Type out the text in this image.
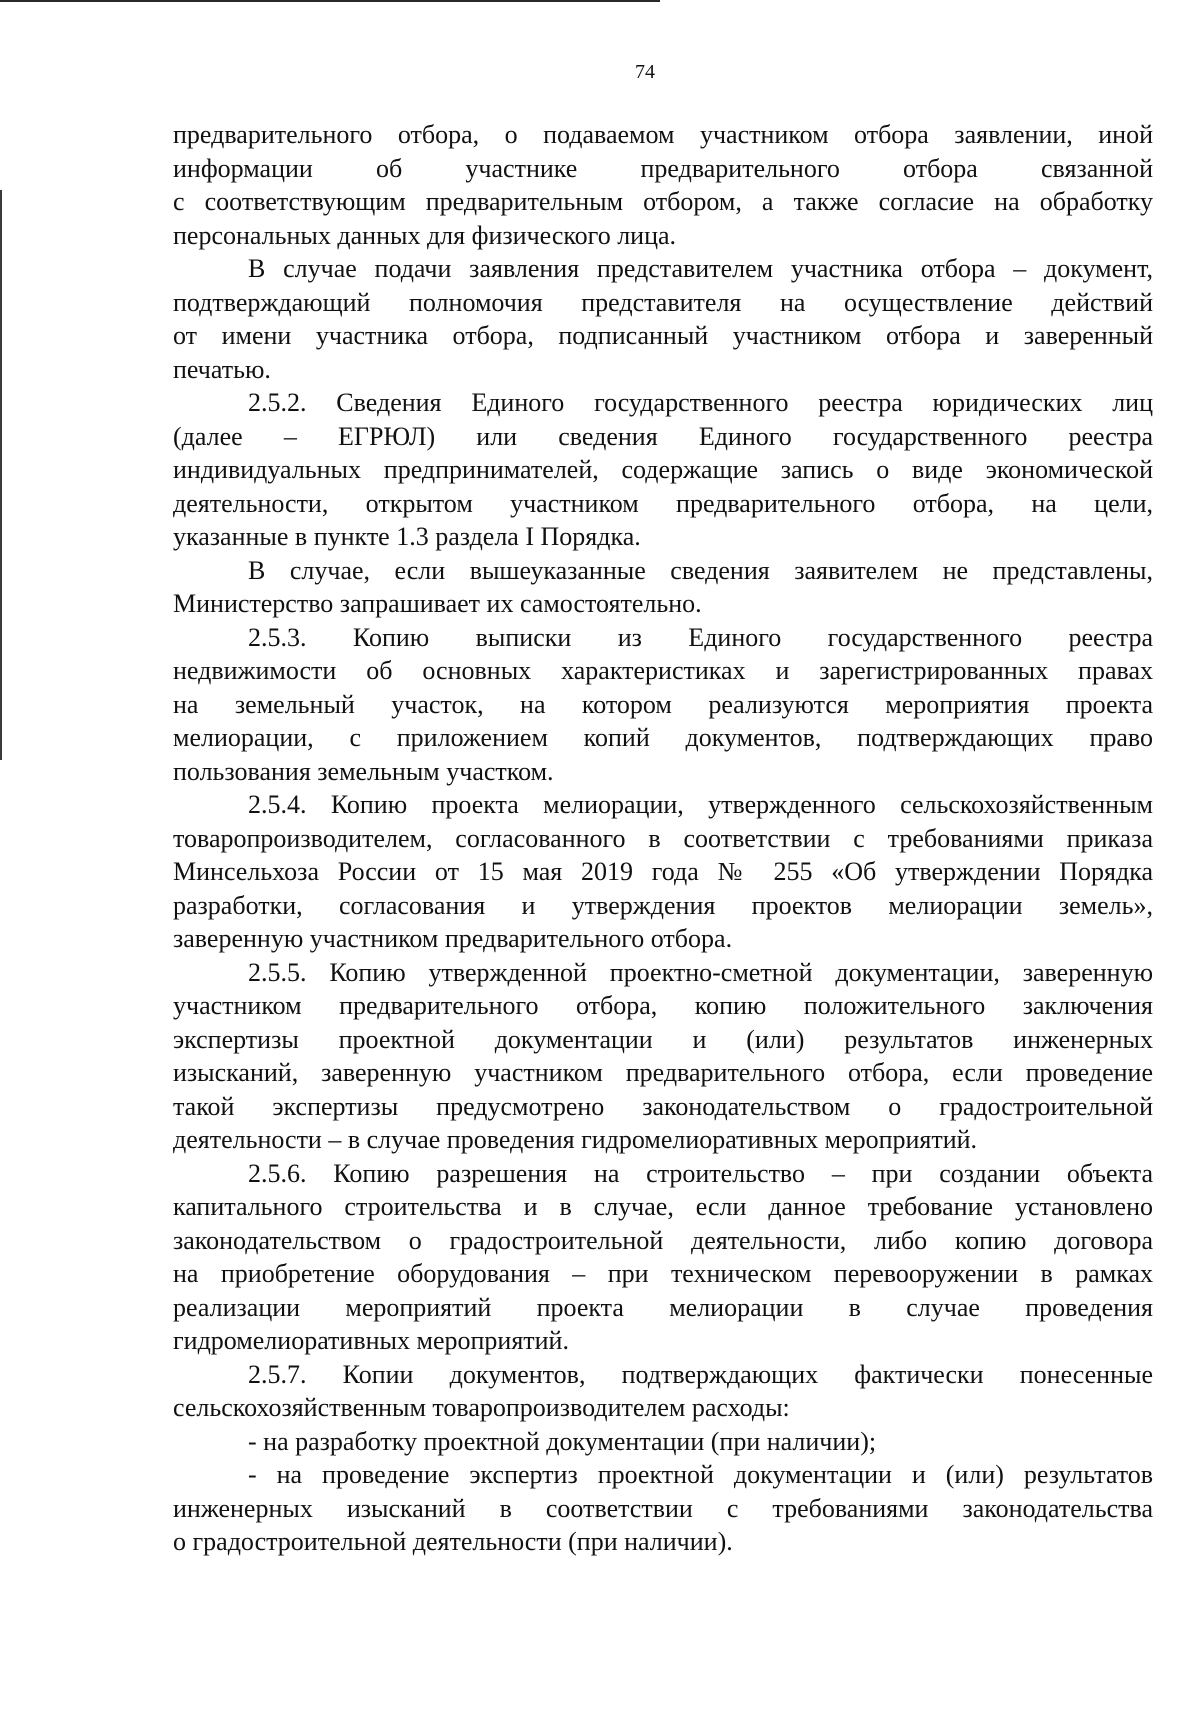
74

предварительного отбора, о подаваемом участником отбора заявлении, иной
информации об участнике предварительного отбора связанной
с соответствующим предварительным отбором, а также согласие на обработку
персональных данных для физического лица.

В случае подачи заявления представителем участника отбора – документ,
подтверждающий полномочия представителя на осуществление действий
от имени участника отбора, подписанный участником отбора и заверенный
печатью.

2.5.2. Сведения Единого государственного реестра юридических лиц
(далее – ЕГРЮЛ) или сведения Единого государственного реестра
индивидуальных предпринимателей, содержащие запись о виде экономической
деятельности, открытом участником предварительного отбора, на цели,
указанные в пункте 1.3 раздела I Порядка.

В случае, если вышеуказанные сведения заявителем не представлены,
Министерство запрашивает их самостоятельно.

2.5.3. Копию выписки из Единого государственного реестра
недвижимости об основных характеристиках и зарегистрированных правах
на земельный участок, на котором реализуются мероприятия проекта
мелиорации, с приложением копий документов, подтверждающих право
пользования земельным участком.

2.5.4. Копию проекта мелиорации, утвержденного сельскохозяйственным
товаропроизводителем, согласованного в соответствии с требованиями приказа
Минсельхоза России от 15 мая 2019 года № 255 «Об утверждении Порядка
разработки, согласования и утверждения проектов мелиорации земель»,
заверенную участником предварительного отбора.

2.5.5. Копию утвержденной проектно-сметной документации, заверенную
участником предварительного отбора, копию положительного заключения
экспертизы проектной документации и (или) результатов инженерных
изысканий, заверенную участником предварительного отбора, если проведение
такой экспертизы предусмотрено законодательством о градостроительной
деятельности – в случае проведения гидромелиоративных мероприятий.

2.5.6. Копию разрешения на строительство – при создании объекта
капитального строительства и в случае, если данное требование установлено
законодательством о градостроительной деятельности, либо копию договора
на приобретение оборудования – при техническом перевооружении в рамках
реализации мероприятий проекта мелиорации в случае проведения
гидромелиоративных мероприятий.

2.5.7. Копии документов, подтверждающих фактически понесенные
сельскохозяйственным товаропроизводителем расходы:

- на разработку проектной документации (при наличии);

- на проведение экспертиз проектной документации и (или) результатов
инженерных изысканий в соответствии с требованиями законодательства
о градостроительной деятельности (при наличии).
